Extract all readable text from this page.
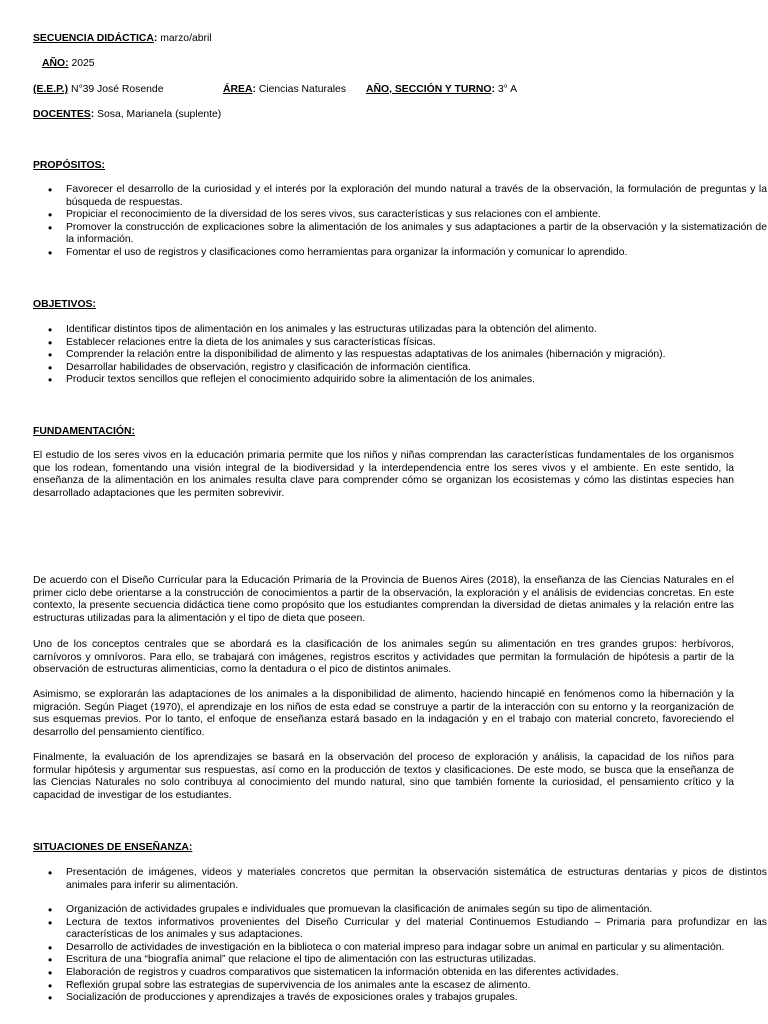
SECUENCIA DIDÁCTICA: marzo/abril
AÑO: 2025
(E.E.P.) N°39 José Rosende	ÁREA: Ciencias Naturales AÑO, SECCIÓN Y TURNO: 3° A
DOCENTES: Sosa, Marianela (suplente)
PROPÓSITOS:
• Favorecer el desarrollo de la curiosidad y el interés por la exploración del mundo natural a través de la observación, la formulación de preguntas y la búsqueda de respuestas.
• Propiciar el reconocimiento de la diversidad de los seres vivos, sus características y sus relaciones con el ambiente.
• Promover la construcción de explicaciones sobre la alimentación de los animales y sus adaptaciones a partir de la observación y la sistematización de la información.
• Fomentar el uso de registros y clasificaciones como herramientas para organizar la información y comunicar lo aprendido.
OBJETIVOS:
• Identificar distintos tipos de alimentación en los animales y las estructuras utilizadas para la obtención del alimento.
• Establecer relaciones entre la dieta de los animales y sus características físicas.
• Comprender la relación entre la disponibilidad de alimento y las respuestas adaptativas de los animales (hibernación y migración).
• Desarrollar habilidades de observación, registro y clasificación de información científica.
• Producir textos sencillos que reflejen el conocimiento adquirido sobre la alimentación de los animales.
FUNDAMENTACIÓN:

El estudio de los seres vivos en la educación primaria permite que los niños y niñas comprendan las características fundamentales de los organismos que los rodean, fomentando una visión integral de la biodiversidad y la interdependencia entre los seres vivos y el ambiente. En este sentido, la enseñanza de la alimentación en los animales resulta clave para comprender cómo se organizan los ecosistemas y cómo las distintas especies han desarrollado adaptaciones que les permiten sobrevivir.

De acuerdo con el Diseño Curricular para la Educación Primaria de la Provincia de Buenos Aires (2018), la enseñanza de las Ciencias Naturales en el primer ciclo debe orientarse a la construcción de conocimientos a partir de la observación, la exploración y el análisis de evidencias concretas. En este contexto, la presente secuencia didáctica tiene como propósito que los estudiantes comprendan la diversidad de dietas animales y la relación entre las estructuras utilizadas para la alimentación y el tipo de dieta que poseen.

Uno de los conceptos centrales que se abordará es la clasificación de los animales según su alimentación en tres grandes grupos: herbívoros, carnívoros y omnívoros. Para ello, se trabajará con imágenes, registros escritos y actividades que permitan la formulación de hipótesis a partir de la observación de estructuras alimenticias, como la dentadura o el pico de distintos animales.

Asimismo, se explorarán las adaptaciones de los animales a la disponibilidad de alimento, haciendo hincapié en fenómenos como la hibernación y la migración. Según Piaget (1970), el aprendizaje en los niños de esta edad se construye a partir de la interacción con su entorno y la reorganización de sus esquemas previos. Por lo tanto, el enfoque de enseñanza estará basado en la indagación y en el trabajo con material concreto, favoreciendo el desarrollo del pensamiento científico.

Finalmente, la evaluación de los aprendizajes se basará en la observación del proceso de exploración y análisis, la capacidad de los niños para formular hipótesis y argumentar sus respuestas, así como en la producción de textos y clasificaciones. De este modo, se busca que la enseñanza de las Ciencias Naturales no solo contribuya al conocimiento del mundo natural, sino que también fomente la curiosidad, el pensamiento crítico y la capacidad de investigar de los estudiantes.

SITUACIONES DE ENSEÑANZA:
• Presentación de imágenes, videos y materiales concretos que permitan la observación sistemática de estructuras dentarias y picos de distintos animales para inferir su alimentación.
• Organización de actividades grupales e individuales que promuevan la clasificación de animales según su tipo de alimentación.
• Lectura de textos informativos provenientes del Diseño Curricular y del material Continuemos Estudiando – Primaria para profundizar en las características de los animales y sus adaptaciones.
• Desarrollo de actividades de investigación en la biblioteca o con material impreso para indagar sobre un animal en particular y su alimentación.
• Escritura de una “biografía animal” que relacione el tipo de alimentación con las estructuras utilizadas.
• Elaboración de registros y cuadros comparativos que sistematicen la información obtenida en las diferentes actividades.
• Reflexión grupal sobre las estrategias de supervivencia de los animales ante la escasez de alimento.
• Socialización de producciones y aprendizajes a través de exposiciones orales y trabajos grupales.
